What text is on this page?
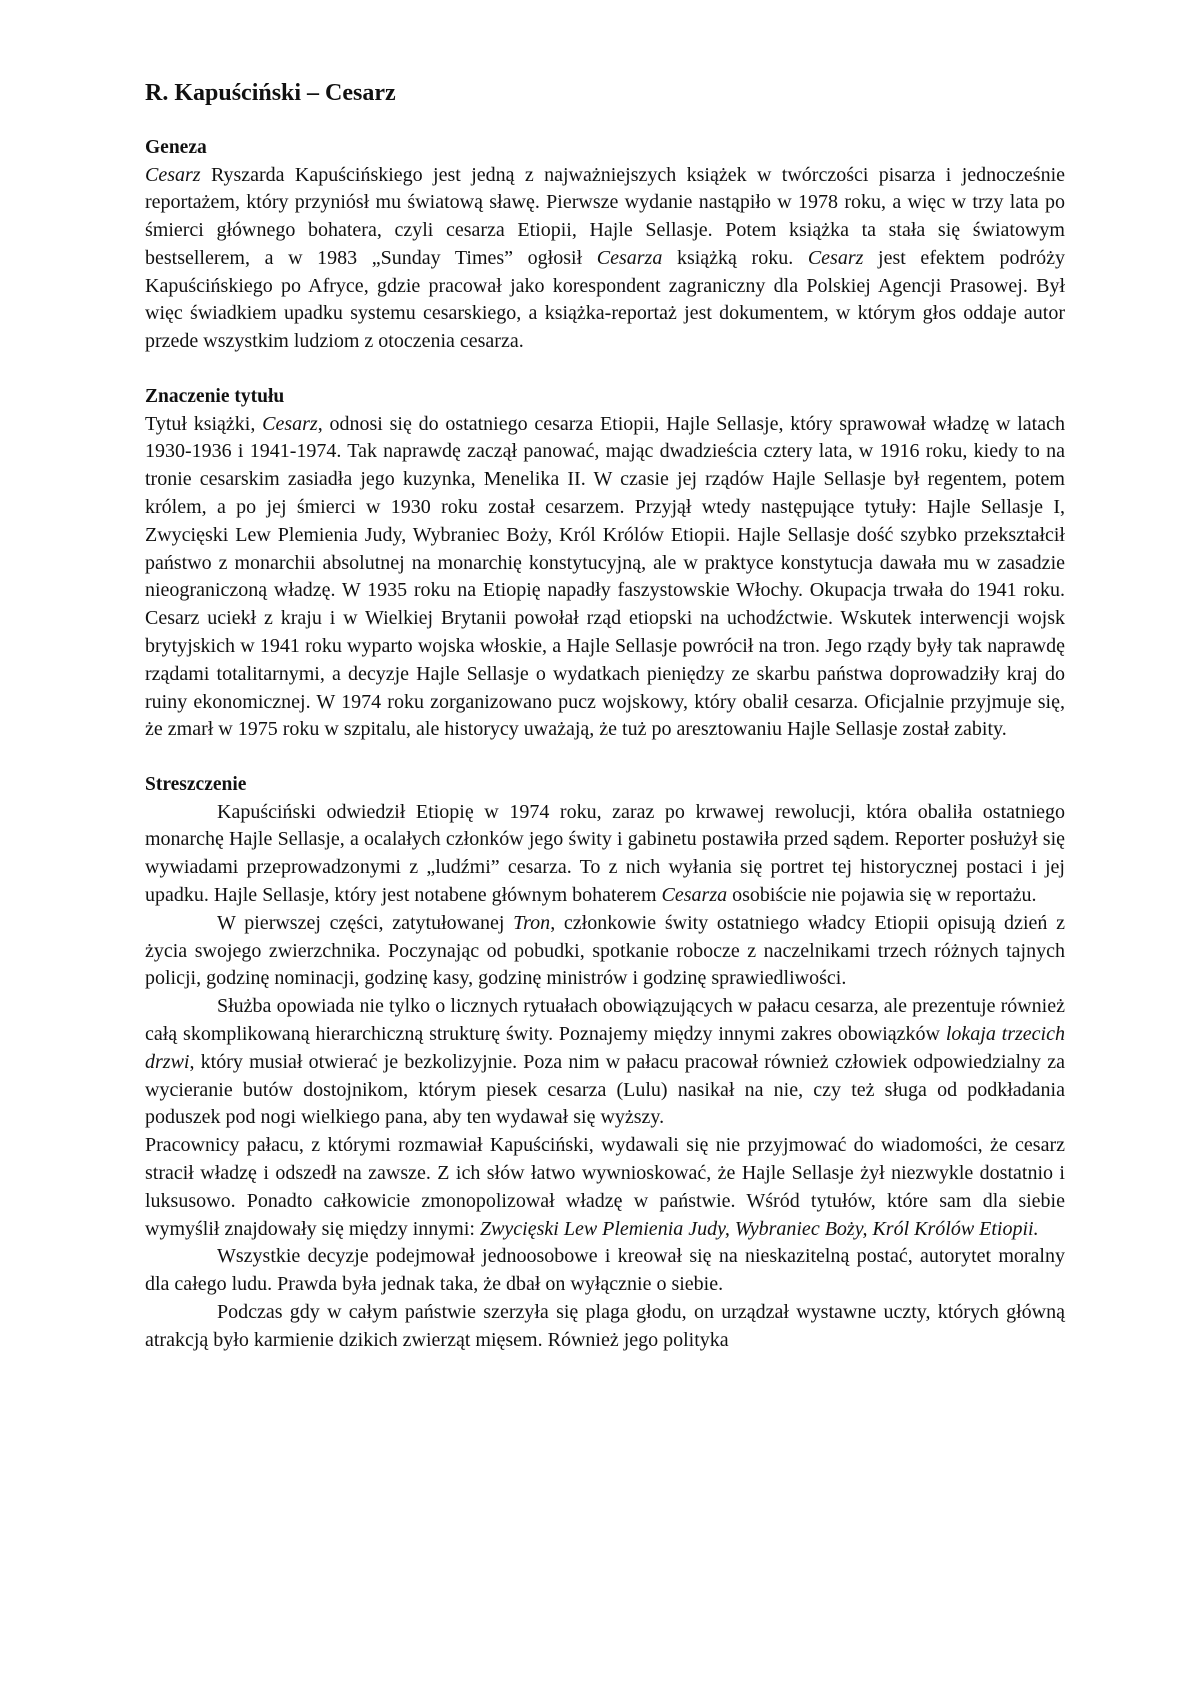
R. Kapuściński – Cesarz
Geneza

Cesarz Ryszarda Kapuścińskiego jest jedną z najważniejszych książek w twórczości pisarza i jednocześnie reportażem, który przyniósł mu światową sławę. Pierwsze wydanie nastąpiło w 1978 roku, a więc w trzy lata po śmierci głównego bohatera, czyli cesarza Etiopii, Hajle Sellasje. Potem książka ta stała się światowym bestsellerem, a w 1983 „Sunday Times” ogłosił Cesarza książką roku. Cesarz jest efektem podróży Kapuścińskiego po Afryce, gdzie pracował jako korespondent zagraniczny dla Polskiej Agencji Prasowej. Był więc świadkiem upadku systemu cesarskiego, a książka-reportaż jest dokumentem, w którym głos oddaje autor przede wszystkim ludziom z otoczenia cesarza.

Znaczenie tytułu

Tytuł książki, Cesarz, odnosi się do ostatniego cesarza Etiopii, Hajle Sellasje, który sprawował władzę w latach 1930-1936 i 1941-1974. Tak naprawdę zaczął panować, mając dwadzieścia cztery lata, w 1916 roku, kiedy to na tronie cesarskim zasiadła jego kuzynka, Menelika II. W czasie jej rządów Hajle Sellasje był regentem, potem królem, a po jej śmierci w 1930 roku został cesarzem. Przyjął wtedy następujące tytuły: Hajle Sellasje I, Zwycięski Lew Plemienia Judy, Wybraniec Boży, Król Królów Etiopii. Hajle Sellasje dość szybko przekształcił państwo z monarchii absolutnej na monarchię konstytucyjną, ale w praktyce konstytucja dawała mu w zasadzie nieograniczoną władzę. W 1935 roku na Etiopię napadły faszystowskie Włochy. Okupacja trwała do 1941 roku. Cesarz uciekł z kraju i w Wielkiej Brytanii powołał rząd etiopski na uchodźctwie. Wskutek interwencji wojsk brytyjskich w 1941 roku wyparto wojska włoskie, a Hajle Sellasje powrócił na tron. Jego rządy były tak naprawdę rządami totalitarnymi, a decyzje Hajle Sellasje o wydatkach pieniędzy ze skarbu państwa doprowadziły kraj do ruiny ekonomicznej. W 1974 roku zorganizowano pucz wojskowy, który obalił cesarza. Oficjalnie przyjmuje się, że zmarł w 1975 roku w szpitalu, ale historycy uważają, że tuż po aresztowaniu Hajle Sellasje został zabity.

Streszczenie

Kapuściński odwiedził Etiopię w 1974 roku, zaraz po krwawej rewolucji, która obaliła ostatniego monarchę Hajle Sellasje, a ocalałych członków jego świty i gabinetu postawiła przed sądem. Reporter posłużył się wywiadami przeprowadzonymi z „ludźmi” cesarza. To z nich wyłania się portret tej historycznej postaci i jej upadku. Hajle Sellasje, który jest notabene głównym bohaterem Cesarza osobiście nie pojawia się w reportażu.

W pierwszej części, zatytułowanej Tron, członkowie świty ostatniego władcy Etiopii opisują dzień z życia swojego zwierzchnika. Poczynając od pobudki, spotkanie robocze z naczelnikami trzech różnych tajnych policji, godzinę nominacji, godzinę kasy, godzinę ministrów i godzinę sprawiedliwości.

Służba opowiada nie tylko o licznych rytuałach obowiązujących w pałacu cesarza, ale prezentuje również całą skomplikowaną hierarchiczną strukturę świty. Poznajemy między innymi zakres obowiązków lokaja trzecich drzwi, który musiał otwierać je bezkolizyjnie. Poza nim w pałacu pracował również człowiek odpowiedzialny za wycieranie butów dostojnikom, którym piesek cesarza (Lulu) nasikał na nie, czy też sługa od podkładania poduszek pod nogi wielkiego pana, aby ten wydawał się wyższy.

Pracownicy pałacu, z którymi rozmawiał Kapuściński, wydawali się nie przyjmować do wiadomości, że cesarz stracił władzę i odszedł na zawsze. Z ich słów łatwo wywnioskować, że Hajle Sellasje żył niezwykle dostatnio i luksusowo. Ponadto całkowicie zmonopolizował władzę w państwie. Wśród tytułów, które sam dla siebie wymyślił znajdowały się między innymi: Zwycięski Lew Plemienia Judy, Wybraniec Boży, Król Królów Etiopii.

Wszystkie decyzje podejmował jednoosobowe i kreował się na nieskazitelną postać, autorytet moralny dla całego ludu. Prawda była jednak taka, że dbał on wyłącznie o siebie.

Podczas gdy w całym państwie szerzyła się plaga głodu, on urządzał wystawne uczty, których główną atrakcją było karmienie dzikich zwierząt mięsem. Również jego polityka
